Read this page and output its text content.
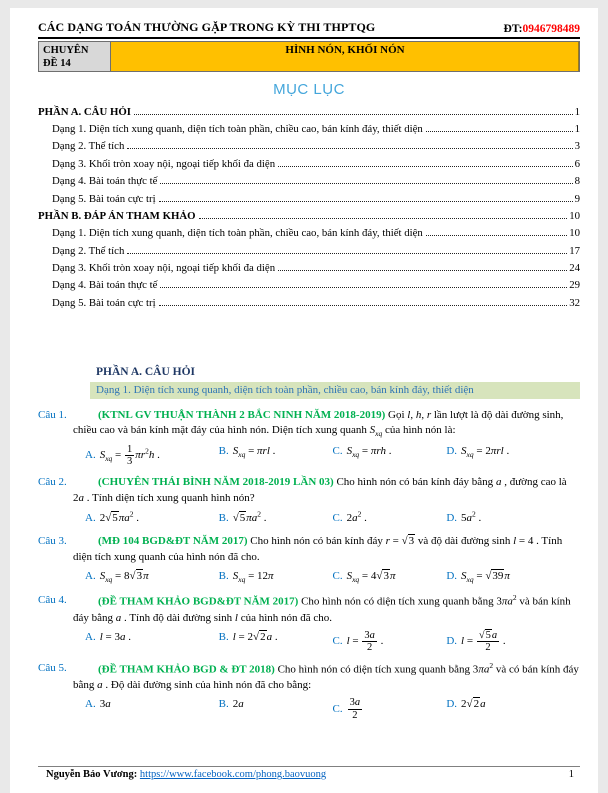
CÁC DẠNG TOÁN THƯỜNG GẶP TRONG KỲ THI THPTQG	ĐT:0946798489
CHUYÊN
ĐỀ 14
HÌNH NÓN, KHỐI NÓN
MỤC LỤC
PHẦN A. CÂU HỎI	1
Dạng 1. Diện tích xung quanh, diện tích toàn phần, chiều cao, bán kính đáy, thiết diện	1
Dạng 2. Thể tích	3
Dạng 3. Khối tròn xoay nội, ngoại tiếp khối đa diện	6
Dạng 4. Bài toán thực tế	8
Dạng 5. Bài toán cực trị	9
PHẦN B. ĐÁP ÁN THAM KHẢO	10
Dạng 1. Diện tích xung quanh, diện tích toàn phần, chiều cao, bán kính đáy, thiết diện	10
Dạng 2. Thể tích	17
Dạng 3. Khối tròn xoay nội, ngoại tiếp khối đa diện	24
Dạng 4. Bài toán thực tế	29
Dạng 5. Bài toán cực trị	32
PHẦN A. CÂU HỎI
Dạng 1. Diện tích xung quanh, diện tích toàn phần, chiều cao, bán kính đáy, thiết diện
Câu 1.	(KTNL GV THUẬN THÀNH 2 BẮC NINH NĂM 2018-2019) Gọi l, h, r lần lượt là độ dài đường sinh, chiều cao và bán kính mặt đáy của hình nón. Diện tích xung quanh $S_{xq}$ của hình nón là:
A. $S_{xq} = \frac{1}{3} \pi r^2h$ .	B. $S_{xq} = \pi rl$ .	C. $S_{xq} = \pi rh$ .	D. $S_{xq} = 2\pi rl$ .
Câu 2.	(CHUYÊN THÁI BÌNH NĂM 2018-2019 LẦN 03) Cho hình nón có bán kính đáy bằng a , đường cao là 2a . Tính diện tích xung quanh hình nón?
A. $2√5\pi a^2$ .	B. $√5\pi a^2$ .	C. $2a^2$ .	D. $5a^2$ .
Câu 3.	(MĐ 104 BGD&ĐT NĂM 2017) Cho hình nón có bán kính đáy r = √3 và độ dài đường sinh l = 4 . Tính diện tích xung quanh của hình nón đã cho.
A. $S_{xq} = 8√3\pi$	B. $S_{xq} = 12\pi$	C. $S_{xq} = 4√3\pi$	D. $S_{xq} = √39\pi$
Câu 4.	(ĐỀ THAM KHẢO BGD&ĐT NĂM 2017) Cho hình nón có diện tích xung quanh bằng $3\pi a^2$ và bán kính đáy bằng a . Tính độ dài đường sinh l của hình nón đã cho.
A. l = 3a .	B. l = 2√2a .	C. $l = \frac{3a}{2}$ .	D. $l = \frac{√5a}{2}$ .
Câu 5.	(ĐỀ THAM KHẢO BGD & ĐT 2018) Cho hình nón có diện tích xung quanh bằng $3\pi a^2$ và có bán kính đáy bằng a . Độ dài đường sinh của hình nón đã cho bằng:
A. 3a	B. 2a	C. $\frac{3a}{2}$	D. 2√2a
Nguyễn Bảo Vương: https://www.facebook.com/phong.baovuong	1
